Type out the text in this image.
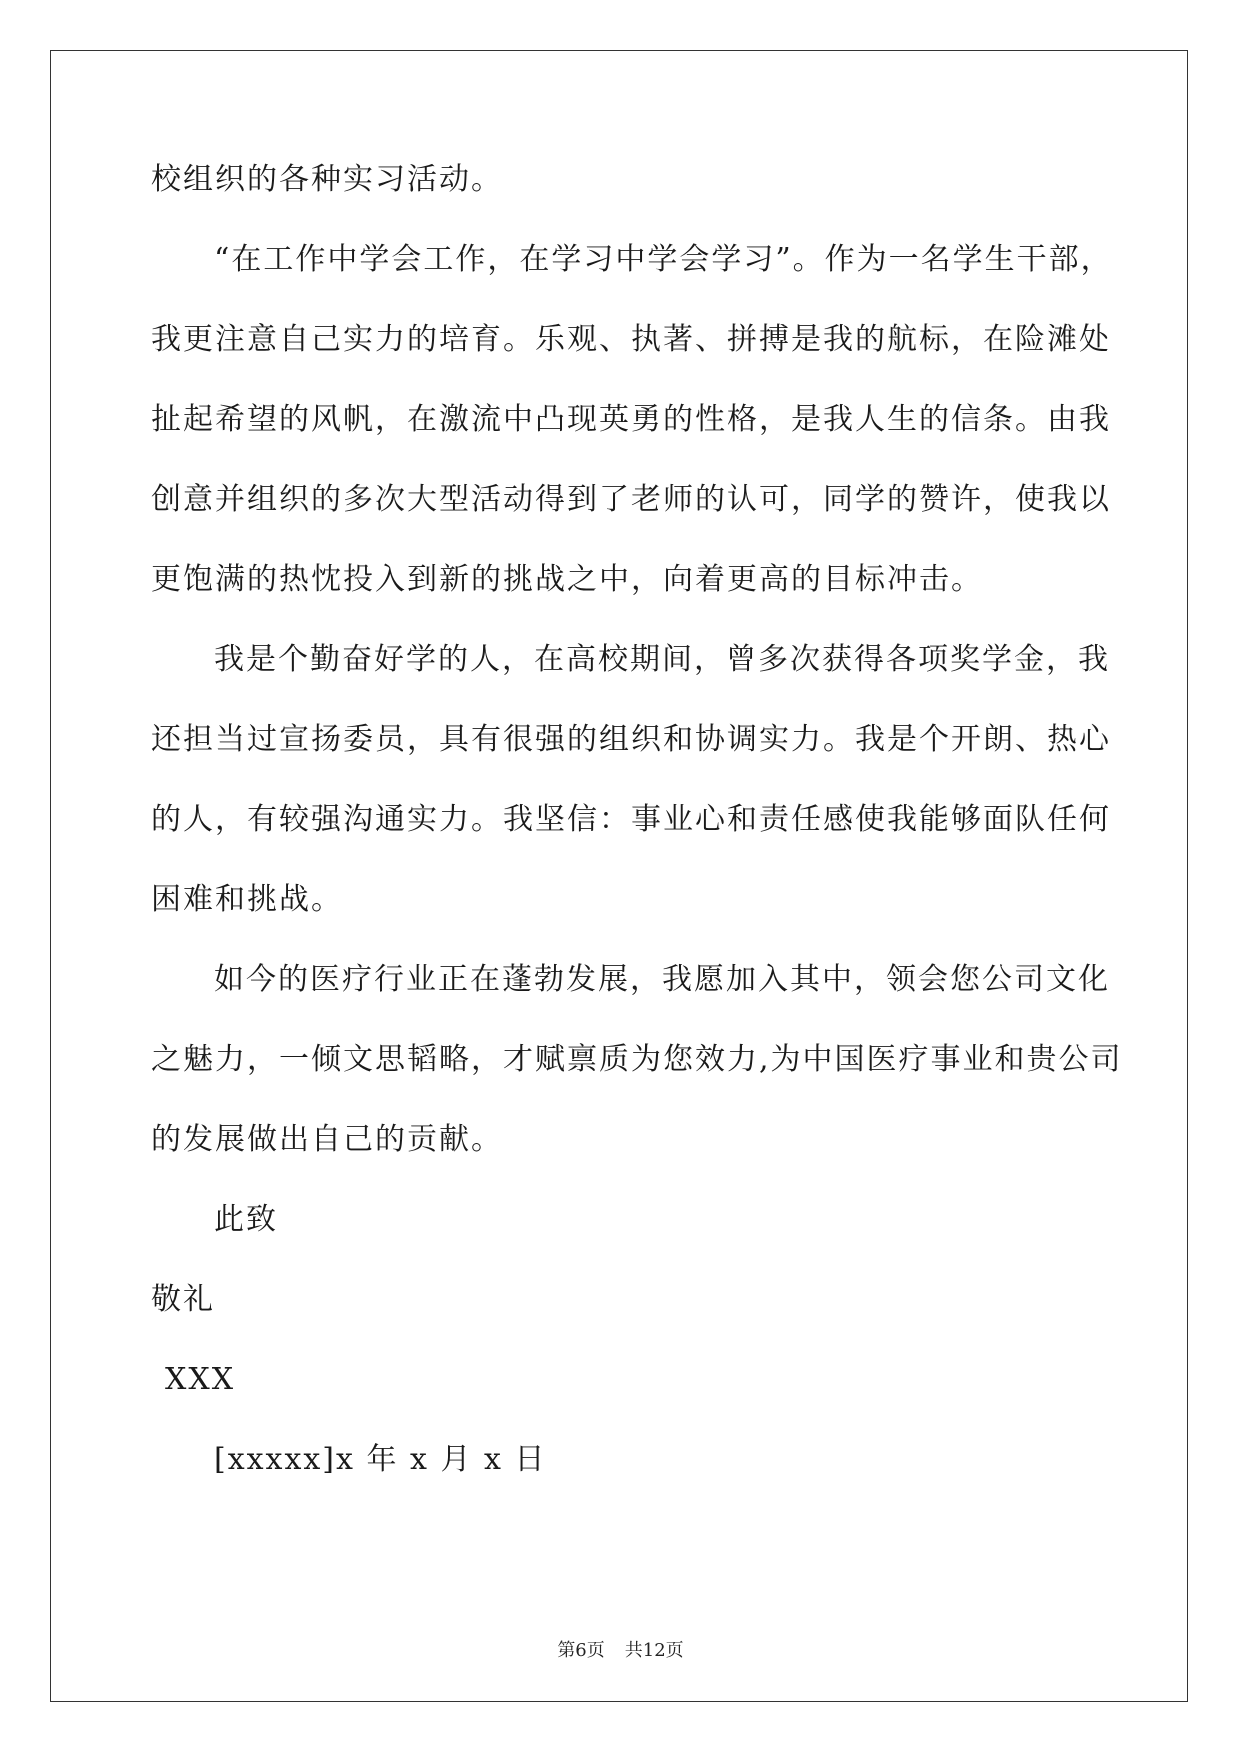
校组织的各种实习活动。
“在工作中学会工作，在学习中学会学习”。作为一名学生干部，
我更注意自己实力的培育。乐观、执著、拼搏是我的航标，在险滩处
扯起希望的风帆，在激流中凸现英勇的性格，是我人生的信条。由我
创意并组织的多次大型活动得到了老师的认可，同学的赞许，使我以
更饱满的热忱投入到新的挑战之中，向着更高的目标冲击。
我是个勤奋好学的人，在高校期间，曾多次获得各项奖学金，我
还担当过宣扬委员，具有很强的组织和协调实力。我是个开朗、热心
的人，有较强沟通实力。我坚信：事业心和责任感使我能够面队任何
困难和挑战。
如今的医疗行业正在蓬勃发展，我愿加入其中，领会您公司文化
之魅力，一倾文思韬略，才赋禀质为您效力,为中国医疗事业和贵公司
的发展做出自己的贡献。
此致
敬礼
XXX
[xxxxx]x 年 x 月 x 日
第6页 共12页
